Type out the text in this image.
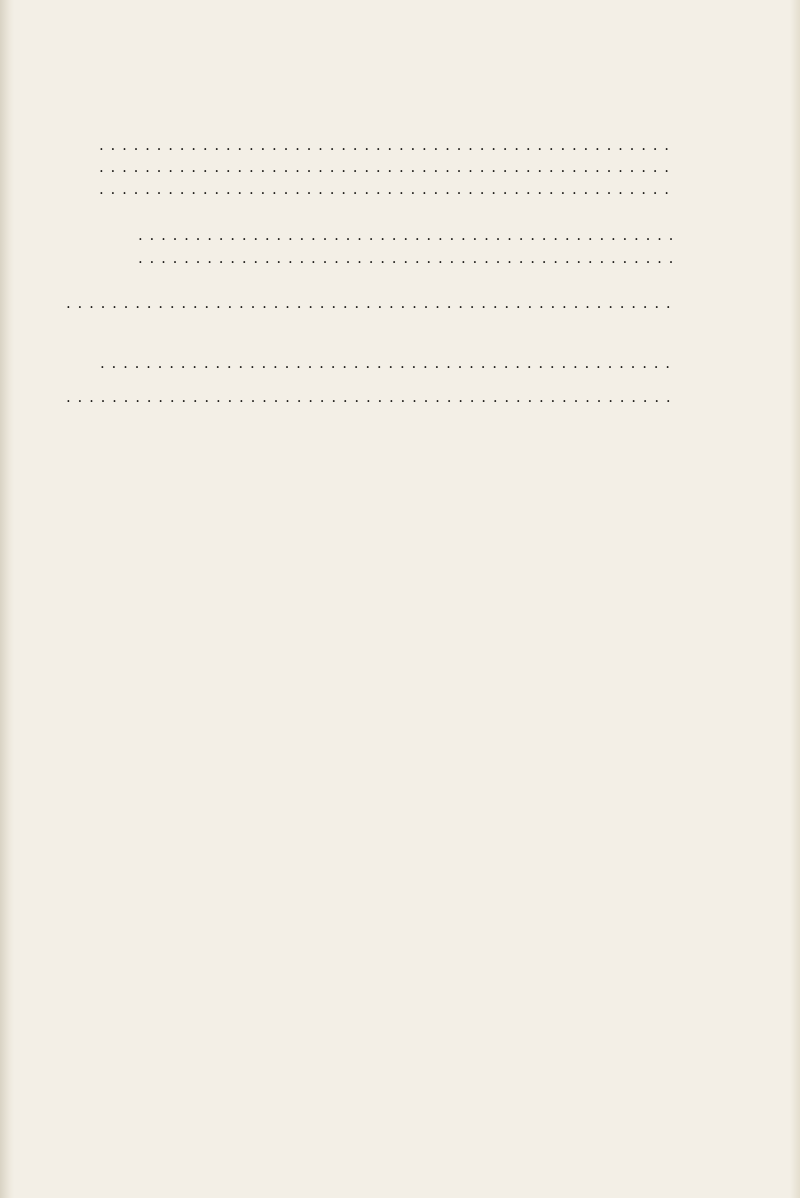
. . .
. . .
. . .
. . .
. . .
. . .
. . .
. . .
